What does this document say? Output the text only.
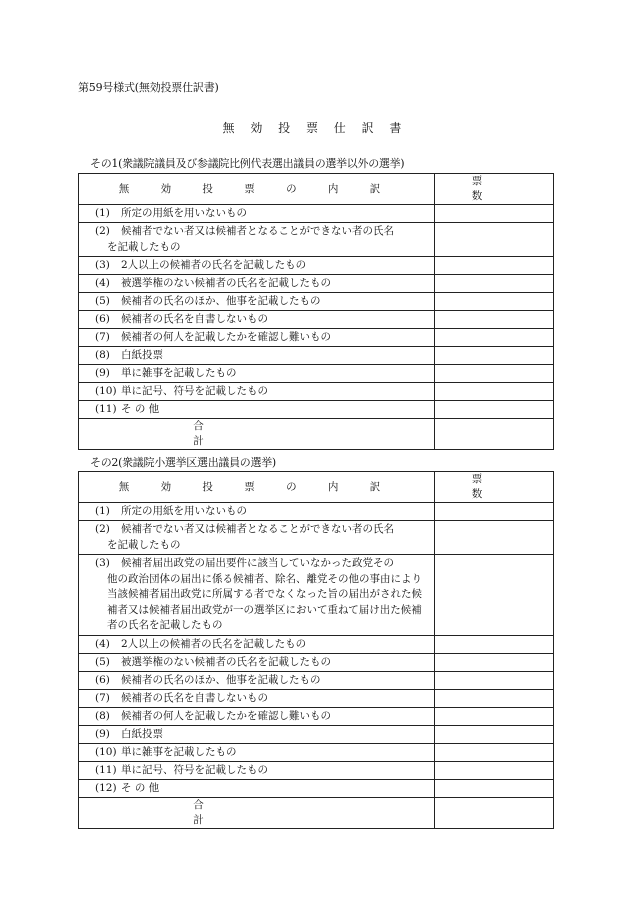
第59号様式(無効投票仕訳書)
無 効 投 票 仕 訳 書
その1(衆議院議員及び参議院比例代表選出議員の選挙以外の選挙)
無 効 投 票 の 内 訳	票 数
(1) 所定の用紙を用いないもの	
(2) 候補者でない者又は候補者となることができない者の氏名
を記載したもの	

(3) 2人以上の候補者の氏名を記載したもの	
(4) 被選挙権のない候補者の氏名を記載したもの	
(5) 候補者の氏名のほか、他事を記載したもの	
(6) 候補者の氏名を自書しないもの	
(7) 候補者の何人を記載したかを確認し難いもの	
(8) 白紙投票	
(9) 単に雑事を記載したもの	
(10) 単に記号、符号を記載したもの	
(11) そ の 他	
合 計	
その2(衆議院小選挙区選出議員の選挙)
無 効 投 票 の 内 訳	票 数
(1) 所定の用紙を用いないもの	
(2) 候補者でない者又は候補者となることができない者の氏名
を記載したもの	

(3) 候補者届出政党の届出要件に該当していなかった政党その
他の政治団体の届出に係る候補者、除名、離党その他の事由により当該候補者届出政党に所属する者でなくなった旨の届出がされた候補者又は候補者届出政党が一の選挙区において重ねて届け出た候補者の氏名を記載したもの	

(4) 2人以上の候補者の氏名を記載したもの	
(5) 被選挙権のない候補者の氏名を記載したもの	
(6) 候補者の氏名のほか、他事を記載したもの	
(7) 候補者の氏名を自書しないもの	
(8) 候補者の何人を記載したかを確認し難いもの	
(9) 白紙投票	
(10) 単に雑事を記載したもの	
(11) 単に記号、符号を記載したもの	
(12) そ の 他	
合 計	
